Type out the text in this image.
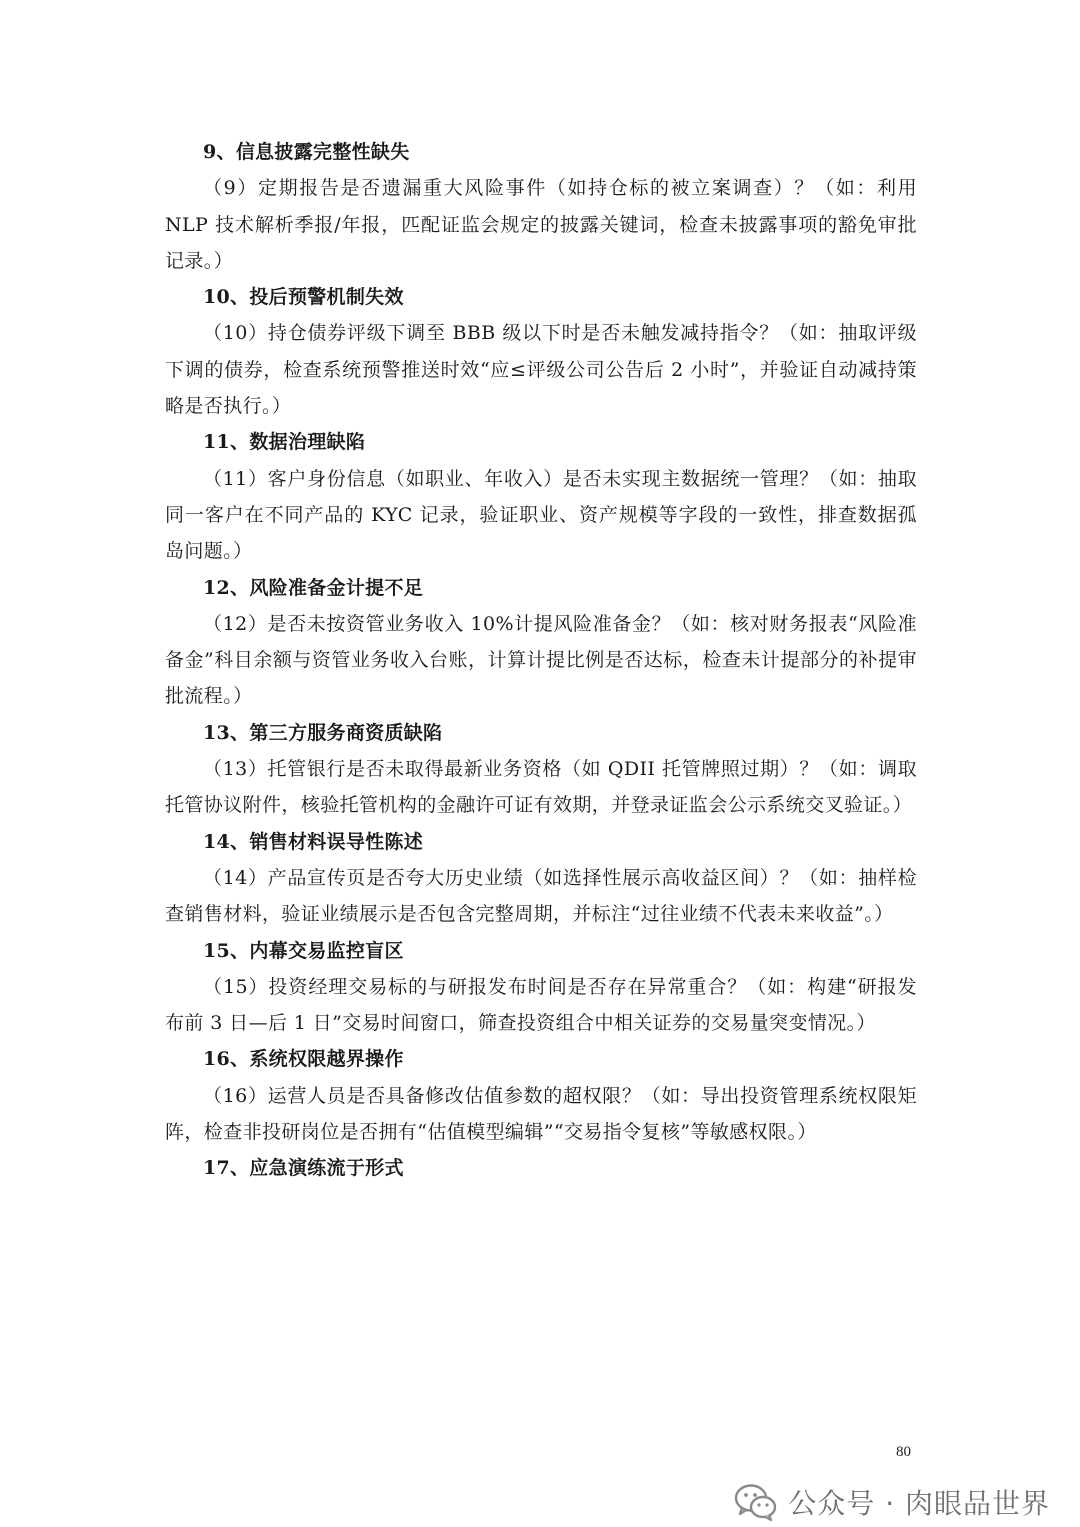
9、信息披露完整性缺失

（9）定期报告是否遗漏重大风险事件（如持仓标的被立案调查）？（如：利用 NLP 技术解析季报/年报，匹配证监会规定的披露关键词，检查未披露事项的豁免审批记录。）

10、投后预警机制失效

（10）持仓债券评级下调至 BBB 级以下时是否未触发减持指令？（如：抽取评级下调的债券，检查系统预警推送时效“应≤评级公司公告后 2 小时”，并验证自动减持策略是否执行。）

11、数据治理缺陷

（11）客户身份信息（如职业、年收入）是否未实现主数据统一管理？（如：抽取同一客户在不同产品的 KYC 记录，验证职业、资产规模等字段的一致性，排查数据孤岛问题。）

12、风险准备金计提不足

（12）是否未按资管业务收入 10%计提风险准备金？（如：核对财务报表“风险准备金”科目余额与资管业务收入台账，计算计提比例是否达标，检查未计提部分的补提审批流程。）

13、第三方服务商资质缺陷

（13）托管银行是否未取得最新业务资格（如 QDII 托管牌照过期）？（如：调取托管协议附件，核验托管机构的金融许可证有效期，并登录证监会公示系统交叉验证。）

14、销售材料误导性陈述

（14）产品宣传页是否夸大历史业绩（如选择性展示高收益区间）？（如：抽样检查销售材料，验证业绩展示是否包含完整周期，并标注“过往业绩不代表未来收益”。）

15、内幕交易监控盲区

（15）投资经理交易标的与研报发布时间是否存在异常重合？（如：构建“研报发布前 3 日—后 1 日”交易时间窗口，筛查投资组合中相关证券的交易量突变情况。）

16、系统权限越界操作

（16）运营人员是否具备修改估值参数的超权限？（如：导出投资管理系统权限矩阵，检查非投研岗位是否拥有“估值模型编辑”“交易指令复核”等敏感权限。）

17、应急演练流于形式
80
公众号 · 肉眼品世界
